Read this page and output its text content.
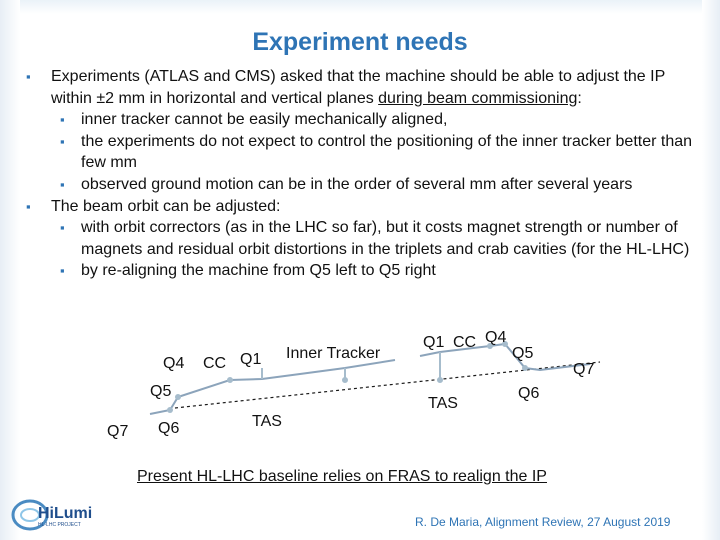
Experiment needs
▪ Experiments (ATLAS and CMS) asked that the machine should be able to adjust the IP within ±2 mm in horizontal and vertical planes during beam commissioning:
▪ inner tracker cannot be easily mechanically aligned,
▪ the experiments do not expect to control the positioning of the inner tracker better than few mm
▪ observed ground motion can be in the order of several mm after several years
▪ The beam orbit can be adjusted:
▪ with orbit correctors (as in the LHC so far), but it costs magnet strength or number of magnets and residual orbit distortions in the triplets and crab cavities (for the HL-LHC)
▪ by re-aligning the machine from Q5 left to Q5 right
Q4 CC Q1 Inner Tracker
Q5
Q7 Q6	TAS
Q1 CC Q4
Q5
Q7
Q6
TAS
Present HL-LHC baseline relies on FRAS to realign the IP
HiLumi
HL-LHC PROJECT	R. De Maria, Alignment Review, 27 August 2019
